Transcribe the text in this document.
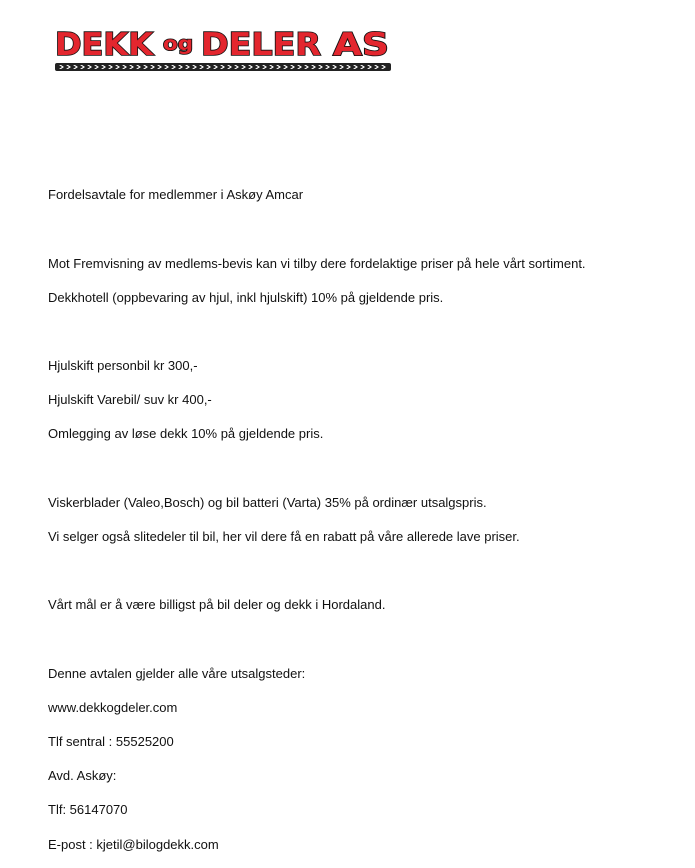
DEKK og DELER AS
Fordelsavtale for medlemmer i Askøy Amcar
Mot Fremvisning av medlems-bevis kan vi tilby dere fordelaktige priser på hele vårt sortiment.
Dekkhotell (oppbevaring av hjul, inkl hjulskift) 10% på gjeldende pris.
Hjulskift personbil kr 300,-
Hjulskift Varebil/ suv kr 400,-
Omlegging av løse dekk 10% på gjeldende pris.
Viskerblader (Valeo,Bosch) og bil batteri (Varta) 35% på ordinær utsalgspris.
Vi selger også slitedeler til bil, her vil dere få en rabatt på våre allerede lave priser.
Vårt mål er å være billigst på bil deler og dekk i Hordaland.
Denne avtalen gjelder alle våre utsalgsteder:
www.dekkogdeler.com
Tlf sentral : 55525200
Avd. Askøy:
Tlf: 56147070
E-post : kjetil@bilogdekk.com
